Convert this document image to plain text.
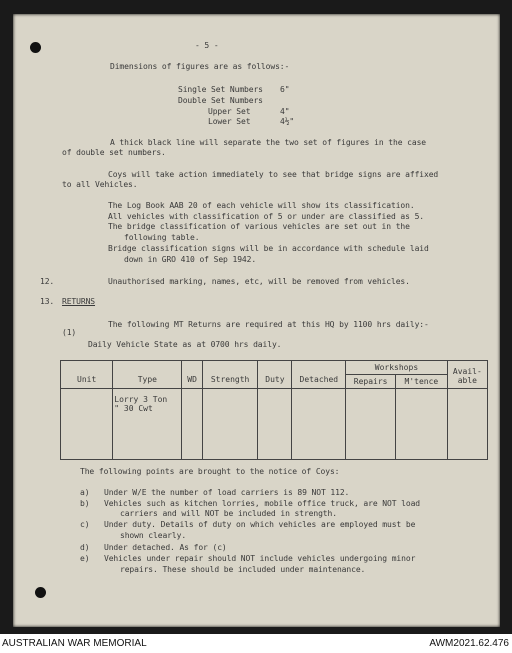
- 5 -
Dimensions of figures are as follows:-
Single Set Numbers 6"
Double Set Numbers
Upper Set	4"
Lower Set	4½"
A thick black line will separate the two set of figures in the case
of double set numbers.
Coys will take action immediately to see that bridge signs are affixed
to all Vehicles.
The Log Book AAB 20 of each vehicle will show its classification.
All vehicles with classification of 5 or under are classified as 5.
The bridge classification of various vehicles are set out in the
following table.
Bridge classification signs will be in accordance with schedule laid
down in GRO 410 of Sep 1942.
12.	Unauthorised marking, names, etc, will be removed from vehicles.
13. RETURNS
The following MT Returns are required at this HQ by 1100 hrs daily:-
(1)
Daily Vehicle State as at 0700 hrs daily.
Unit	Type	WD	Strength	Duty	Detached	Workshops		Avail-able
						Repairs	M'tence	

	Lorry 3 Ton
" 30 Cwt							

The following points are brought to the notice of Coys:
a) Under W/E the number of load carriers is 89 NOT 112.
b) Vehicles such as kitchen lorries, mobile office truck, are NOT load
carriers and will NOT be included in strength.
c) Under duty. Details of duty on which vehicles are employed must be
shown clearly.
d) Under detached. As for (c)
e) Vehicles under repair should NOT include vehicles undergoing minor
repairs. These should be included under maintenance.
AUSTRALIAN WAR MEMORIAL	AWM2021.62.476
